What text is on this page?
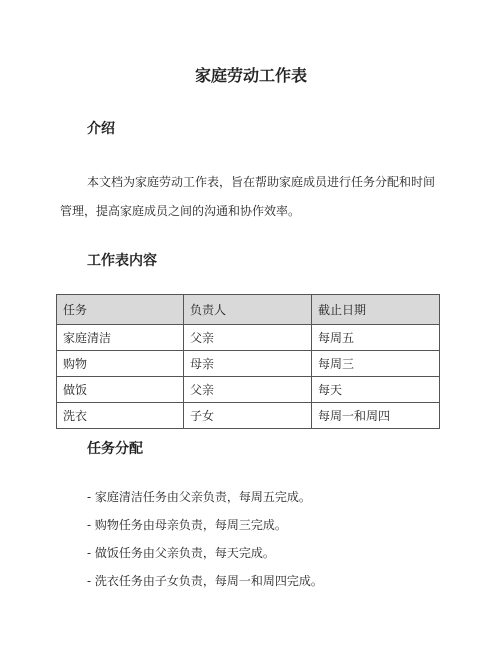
家庭劳动工作表
介绍
本文档为家庭劳动工作表，旨在帮助家庭成员进行任务分配和时间管理，提高家庭成员之间的沟通和协作效率。
工作表内容
任务	负责人	截止日期
家庭清洁	父亲	每周五
购物	母亲	每周三
做饭	父亲	每天
洗衣	子女	每周一和周四
任务分配
- 家庭清洁任务由父亲负责，每周五完成。
- 购物任务由母亲负责，每周三完成。
- 做饭任务由父亲负责，每天完成。
- 洗衣任务由子女负责，每周一和周四完成。
